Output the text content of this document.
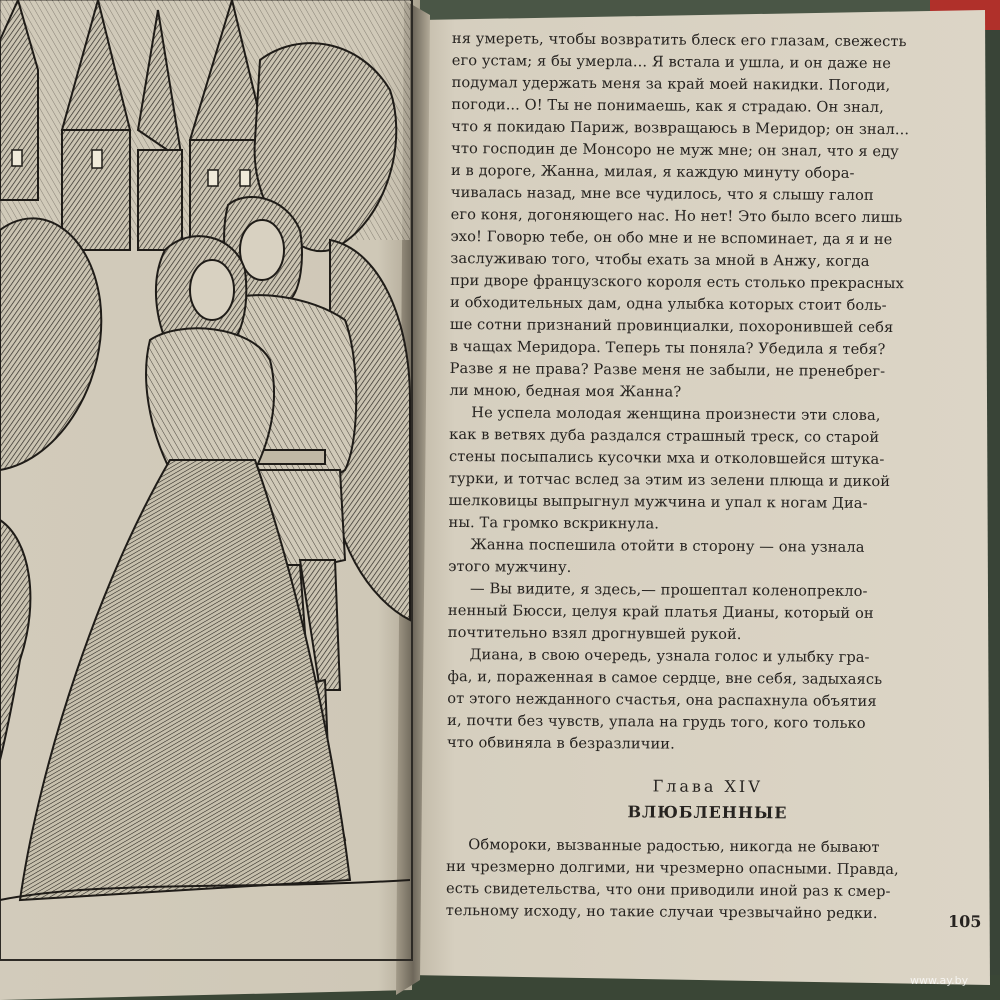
ня умереть, чтобы возвратить блеск его глазам, свежесть
его устам; я бы умерла... Я встала и ушла, и он даже не
подумал удержать меня за край моей накидки. Погоди,
погоди... О! Ты не понимаешь, как я страдаю. Он знал,
что я покидаю Париж, возвращаюсь в Меридор; он знал...
что господин де Монсоро не муж мне; он знал, что я еду
и в дороге, Жанна, милая, я каждую минуту обора-
чивалась назад, мне все чудилось, что я слышу галоп
его коня, догоняющего нас. Но нет! Это было всего лишь
эхо! Говорю тебе, он обо мне и не вспоминает, да я и не
заслуживаю того, чтобы ехать за мной в Анжу, когда
при дворе французского короля есть столько прекрасных
и обходительных дам, одна улыбка которых стоит боль-
ше сотни признаний провинциалки, похоронившей себя
в чащах Меридора. Теперь ты поняла? Убедила я тебя?
Разве я не права? Разве меня не забыли, не пренебрег-
ли мною, бедная моя Жанна?

Не успела молодая женщина произнести эти слова,
как в ветвях дуба раздался страшный треск, со старой
стены посыпались кусочки мха и отколовшейся штука-
турки, и тотчас вслед за этим из зелени плюща и дикой
шелковицы выпрыгнул мужчина и упал к ногам Диа-
ны. Та громко вскрикнула.

Жанна поспешила отойти в сторону — она узнала
этого мужчину.

— Вы видите, я здесь,— прошептал коленопрекло-
ненный Бюсси, целуя край платья Дианы, который он
почтительно взял дрогнувшей рукой.

Диана, в свою очередь, узнала голос и улыбку гра-
фа, и, пораженная в самое сердце, вне себя, задыхаясь
от этого нежданного счастья, она распахнула объятия
и, почти без чувств, упала на грудь того, кого только
что обвиняла в безразличии.

Глава XIV
ВЛЮБЛЕННЫЕ

Обмороки, вызванные радостью, никогда не бывают
ни чрезмерно долгими, ни чрезмерно опасными. Правда,
есть свидетельства, что они приводили иной раз к смер-
тельному исходу, но такие случаи чрезвычайно редки.	105
www.ay.by
